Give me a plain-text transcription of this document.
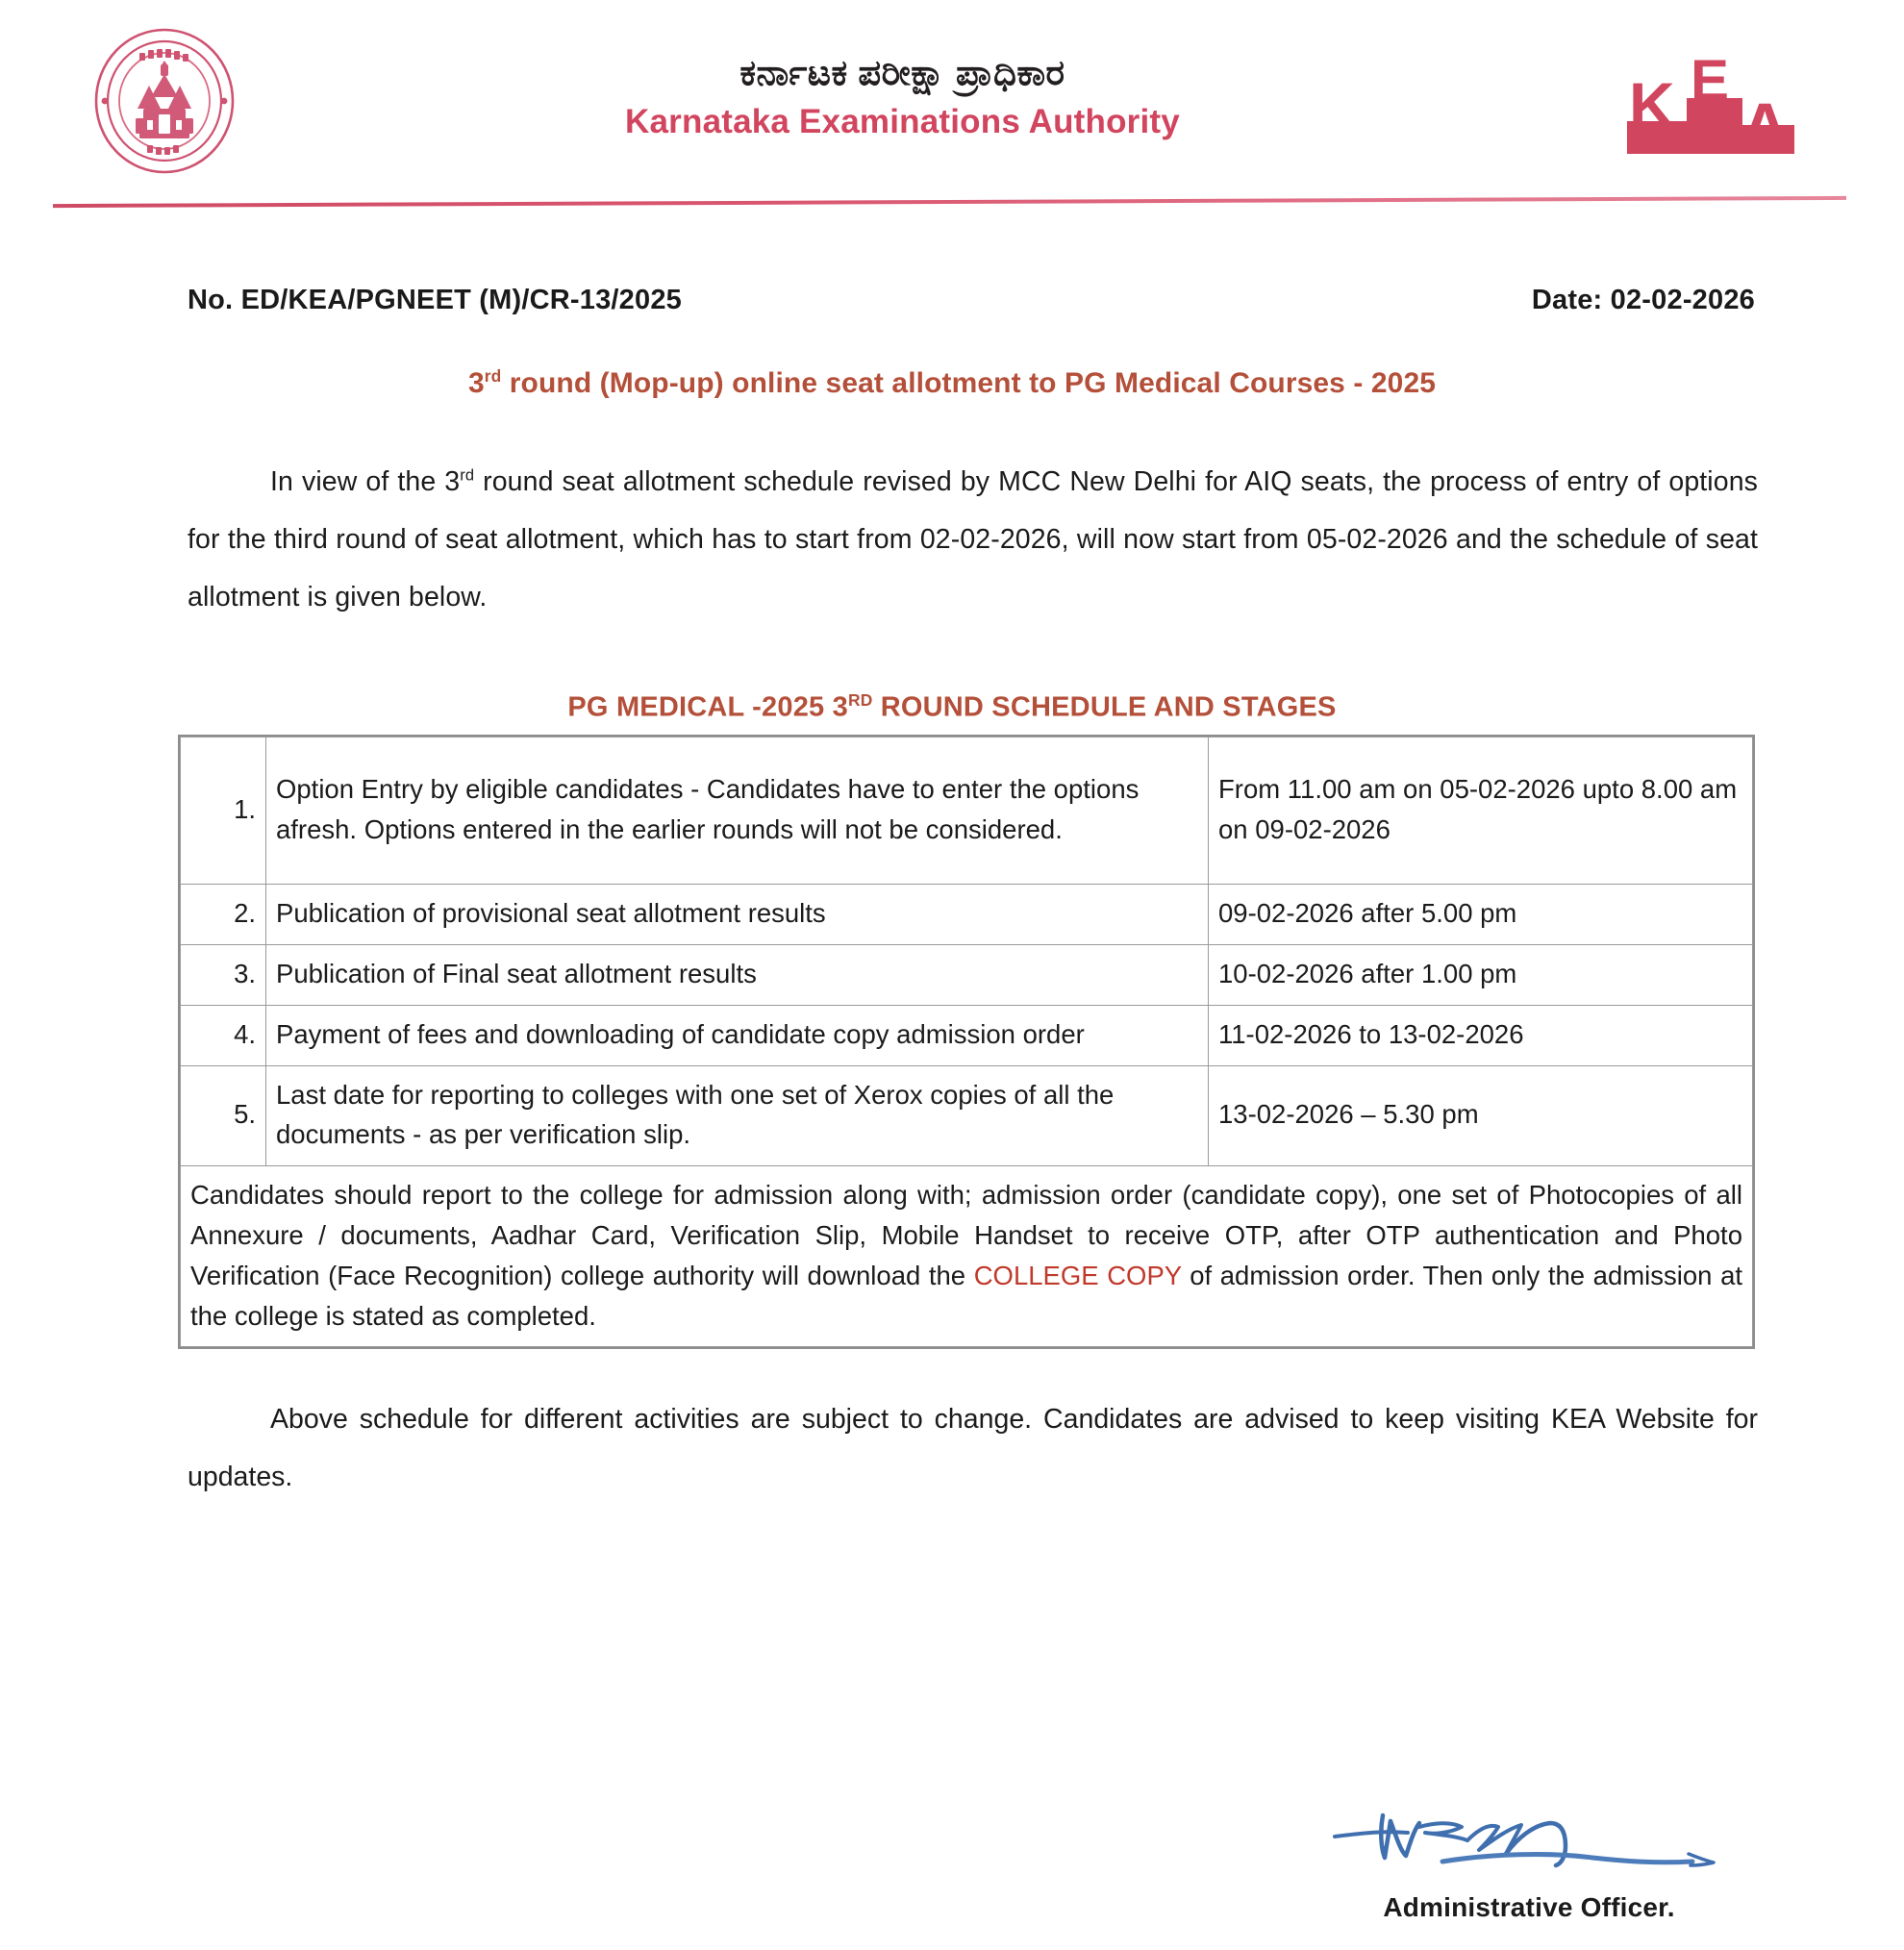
ಕರ್ನಾಟಕ ಪರೀಕ್ಷಾ ಪ್ರಾಧಿಕಾರ
Karnataka Examinations Authority	K E
A
No. ED/KEA/PGNEET (M)/CR-13/2025	Date: 02-02-2026
3rd round (Mop-up) online seat allotment to PG Medical Courses - 2025
In view of the 3rd round seat allotment schedule revised by MCC New Delhi for AIQ seats, the process of entry of options for the third round of seat allotment, which has to start from 02-02-2026, will now start from 05-02-2026 and the schedule of seat allotment is given below.
PG MEDICAL -2025 3RD ROUND SCHEDULE AND STAGES
1.	Option Entry by eligible candidates - Candidates have to enter the options afresh. Options entered in the earlier rounds will not be considered.	From 11.00 am on 05-02-2026 upto 8.00 am on 09-02-2026
2.	Publication of provisional seat allotment results	09-02-2026 after 5.00 pm
3.	Publication of Final seat allotment results	10-02-2026 after 1.00 pm
4.	Payment of fees and downloading of candidate copy admission order	11-02-2026 to 13-02-2026
5.	Last date for reporting to colleges with one set of Xerox copies of all the documents - as per verification slip.	13-02-2026 – 5.30 pm
Candidates should report to the college for admission along with; admission order (candidate copy), one set of Photocopies of all Annexure / documents, Aadhar Card, Verification Slip, Mobile Handset to receive OTP, after OTP authentication and Photo Verification (Face Recognition) college authority will download the COLLEGE COPY of admission order. Then only the admission at the college is stated as completed.		
Above schedule for different activities are subject to change. Candidates are advised to keep visiting KEA Website for updates.
Administrative Officer.
